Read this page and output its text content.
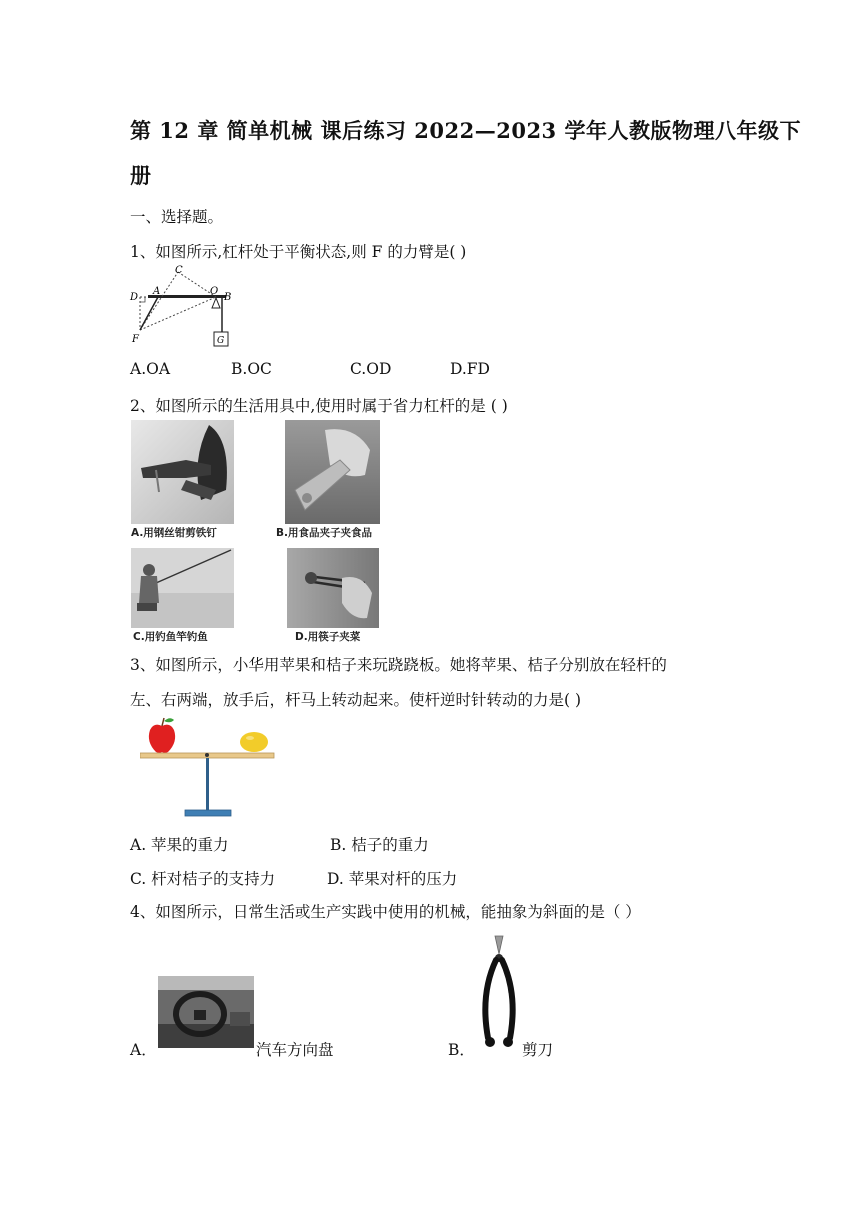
第 12 章 简单机械 课后练习 2022—2023 学年人教版物理八年级下
册
一、选择题。
1、如图所示,杠杆处于平衡状态,则 F 的力臂是( )
C
D
A	O
B
F	G
A.OA	B.OC	C.OD	D.FD
2、如图所示的生活用具中,使用时属于省力杠杆的是 ( )
A.用钢丝钳剪铁钉	B.用食品夹子夹食品
C.用钓鱼竿钓鱼	D.用筷子夹菜
3、如图所示，小华用苹果和桔子来玩跷跷板。她将苹果、桔子分别放在轻杆的
左、右两端，放手后，杆马上转动起来。使杆逆时针转动的力是( )
A. 苹果的重力	B. 桔子的重力
C. 杆对桔子的支持力	D. 苹果对杆的压力
4、如图所示，日常生活或生产实践中使用的机械，能抽象为斜面的是（ ）
A．	汽车方向盘	B．	剪刀
